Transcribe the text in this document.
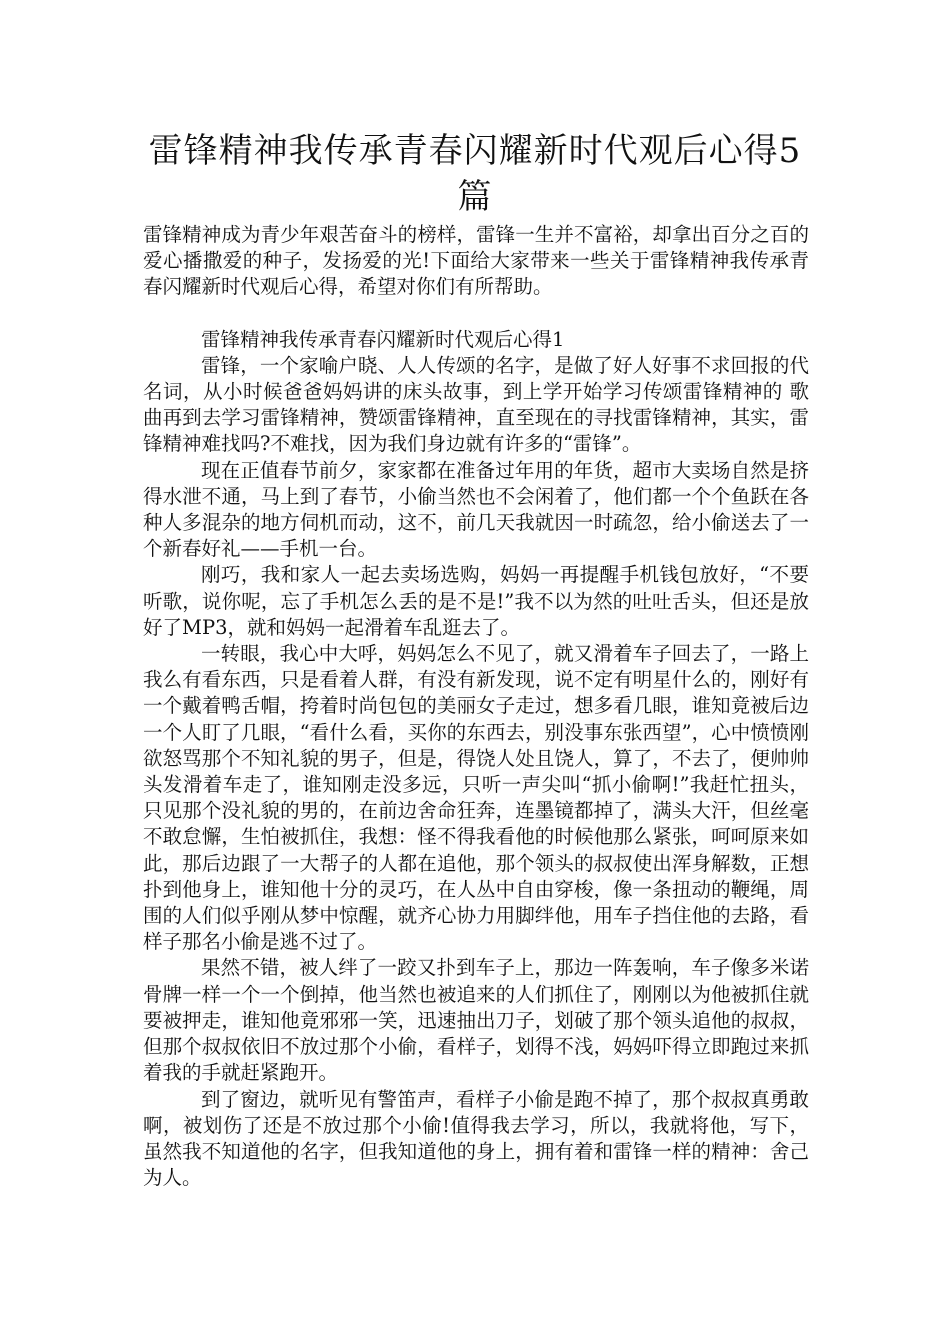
雷锋精神我传承青春闪耀新时代观后心得5篇

雷锋精神成为青少年艰苦奋斗的榜样，雷锋一生并不富裕，却拿出百分之百的爱心播撒爱的种子，发扬爱的光!下面给大家带来一些关于雷锋精神我传承青春闪耀新时代观后心得，希望对你们有所帮助。

雷锋精神我传承青春闪耀新时代观后心得1

雷锋，一个家喻户晓、人人传颂的名字，是做了好人好事不求回报的代名词，从小时候爸爸妈妈讲的床头故事，到上学开始学习传颂雷锋精神的 歌曲再到去学习雷锋精神，赞颂雷锋精神，直至现在的寻找雷锋精神，其实，雷锋精神难找吗?不难找，因为我们身边就有许多的“雷锋”。

现在正值春节前夕，家家都在准备过年用的年货，超市大卖场自然是挤得水泄不通，马上到了春节，小偷当然也不会闲着了，他们都一个个鱼跃在各种人多混杂的地方伺机而动，这不，前几天我就因一时疏忽，给小偷送去了一个新春好礼——手机一台。

刚巧，我和家人一起去卖场选购，妈妈一再提醒手机钱包放好，“不要听歌，说你呢，忘了手机怎么丢的是不是!”我不以为然的吐吐舌头，但还是放好了MP3，就和妈妈一起滑着车乱逛去了。

一转眼，我心中大呼，妈妈怎么不见了，就又滑着车子回去了，一路上我么有看东西，只是看着人群，有没有新发现，说不定有明星什么的，刚好有一个戴着鸭舌帽，挎着时尚包包的美丽女子走过，想多看几眼，谁知竟被后边一个人盯了几眼，“看什么看，买你的东西去，别没事东张西望”，心中愤愤刚欲怒骂那个不知礼貌的男子，但是，得饶人处且饶人，算了，不去了，便帅帅头发滑着车走了，谁知刚走没多远，只听一声尖叫“抓小偷啊!”我赶忙扭头，只见那个没礼貌的男的，在前边舍命狂奔，连墨镜都掉了，满头大汗，但丝毫不敢怠懈，生怕被抓住，我想：怪不得我看他的时候他那么紧张，呵呵原来如此，那后边跟了一大帮子的人都在追他，那个领头的叔叔使出浑身解数，正想扑到他身上，谁知他十分的灵巧，在人丛中自由穿梭，像一条扭动的鞭绳，周围的人们似乎刚从梦中惊醒，就齐心协力用脚绊他，用车子挡住他的去路，看样子那名小偷是逃不过了。

果然不错，被人绊了一跤又扑到车子上，那边一阵轰响，车子像多米诺骨牌一样一个一个倒掉，他当然也被追来的人们抓住了，刚刚以为他被抓住就要被押走，谁知他竟邪邪一笑，迅速抽出刀子，划破了那个领头追他的叔叔，但那个叔叔依旧不放过那个小偷，看样子，划得不浅，妈妈吓得立即跑过来抓着我的手就赶紧跑开。

到了窗边，就听见有警笛声，看样子小偷是跑不掉了，那个叔叔真勇敢啊，被划伤了还是不放过那个小偷!值得我去学习，所以，我就将他，写下，虽然我不知道他的名字，但我知道他的身上，拥有着和雷锋一样的精神：舍己为人。
